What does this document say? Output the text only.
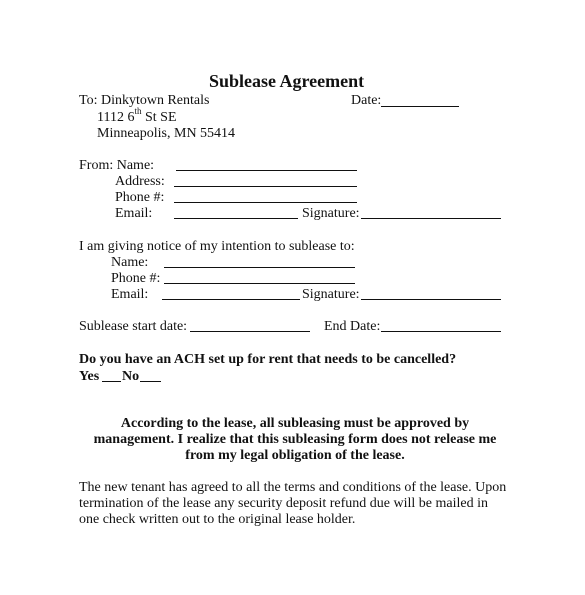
Sublease Agreement
To: Dinkytown Rentals	Date:
1112 6th St SE
Minneapolis, MN 55414
From: Name:
Address:
Phone #:
Email:	Signature:
I am giving notice of my intention to sublease to:
Name:
Phone #:
Email:	Signature:
Sublease start date:	End Date:
Do you have an ACH set up for rent that needs to be cancelled?
Yes No
According to the lease, all subleasing must be approved by
management. I realize that this subleasing form does not release me
from my legal obligation of the lease.
The new tenant has agreed to all the terms and conditions of the lease. Upon
termination of the lease any security deposit refund due will be mailed in
one check written out to the original lease holder.
